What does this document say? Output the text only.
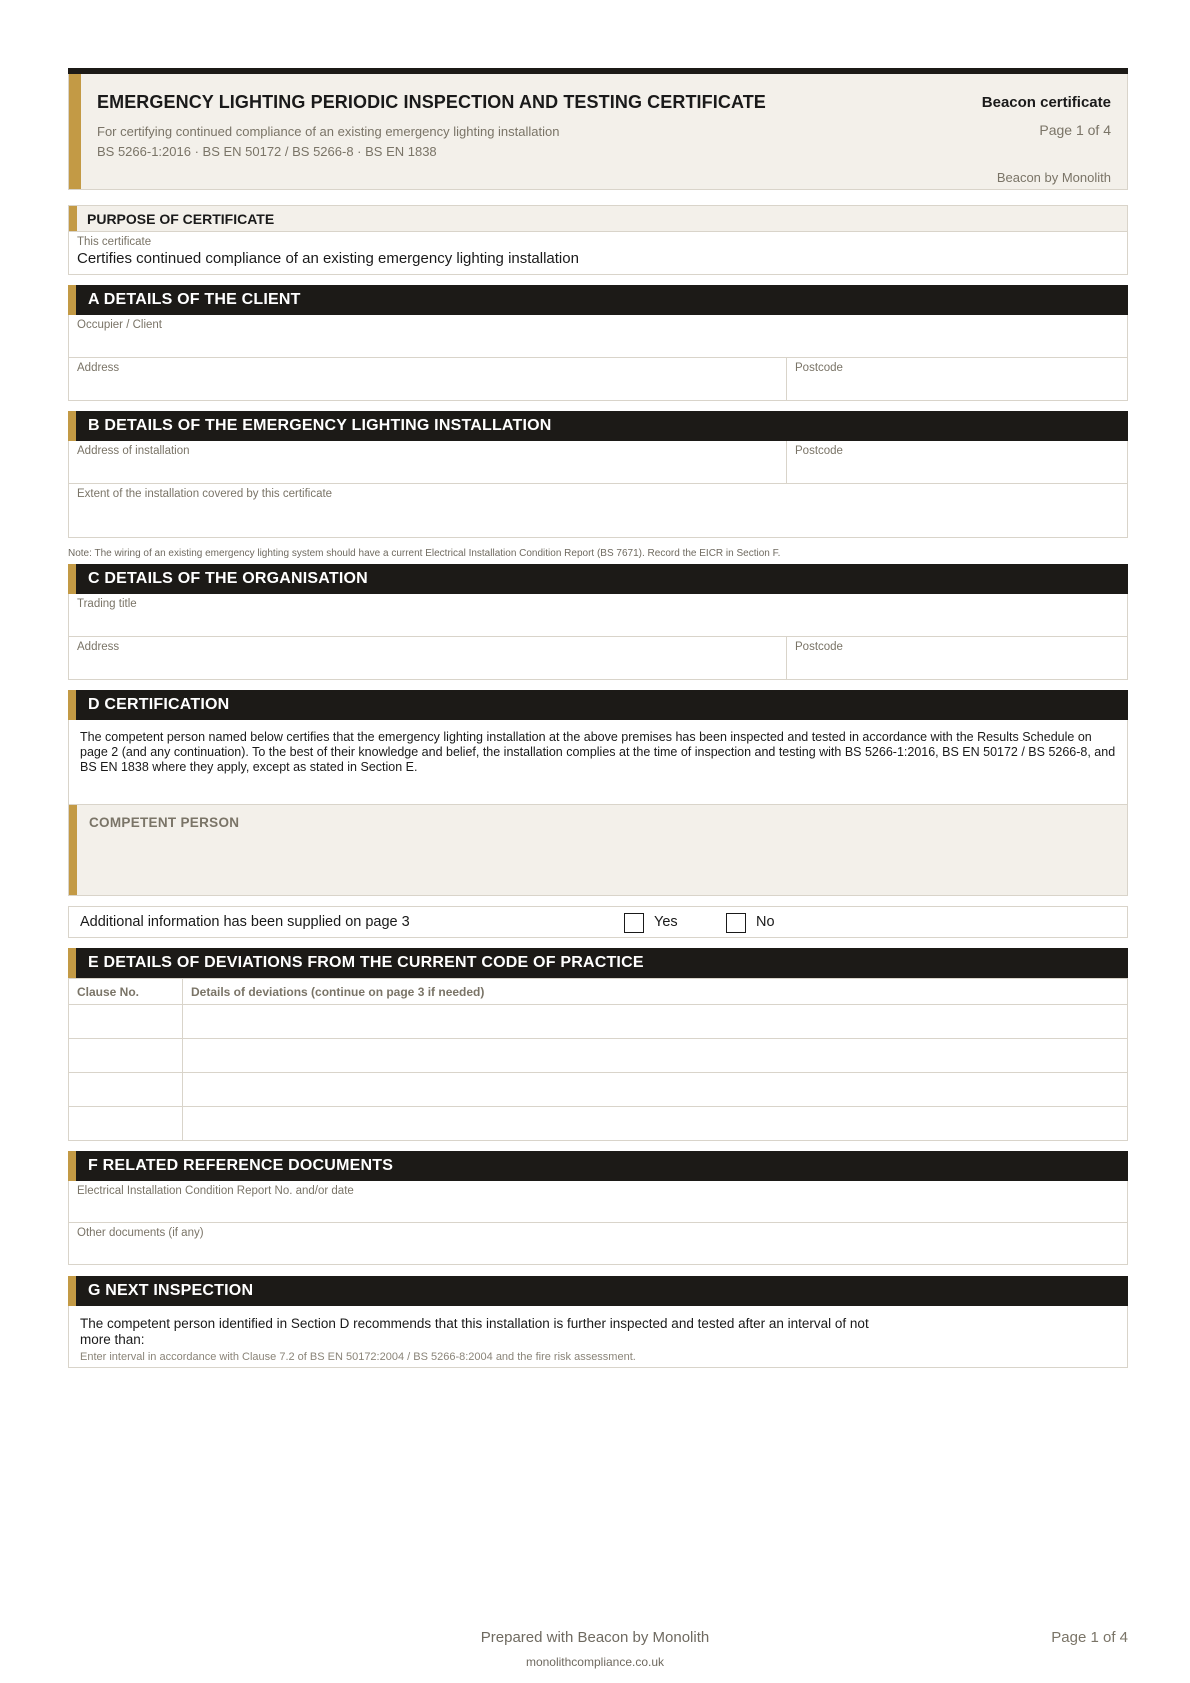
EMERGENCY LIGHTING PERIODIC INSPECTION AND TESTING CERTIFICATE
For certifying continued compliance of an existing emergency lighting installation
BS 5266-1:2016 · BS EN 50172 / BS 5266-8 · BS EN 1838
Beacon certificate
Page 1 of 4
Beacon by Monolith
PURPOSE OF CERTIFICATE
This certificate
Certifies continued compliance of an existing emergency lighting installation
A DETAILS OF THE CLIENT
Occupier / Client
Address	Postcode
B DETAILS OF THE EMERGENCY LIGHTING INSTALLATION
Address of installation	Postcode
Extent of the installation covered by this certificate
Note: The wiring of an existing emergency lighting system should have a current Electrical Installation Condition Report (BS 7671). Record the EICR in Section F.
C DETAILS OF THE ORGANISATION
Trading title
Address	Postcode
D CERTIFICATION
The competent person named below certifies that the emergency lighting installation at the above premises has been inspected and tested in accordance with the Results Schedule on page 2 (and any continuation). To the best of their knowledge and belief, the installation complies at the time of inspection and testing with BS 5266-1:2016, BS EN 50172 / BS 5266-8, and BS EN 1838 where they apply, except as stated in Section E.
COMPETENT PERSON
Additional information has been supplied on page 3	Yes	No
E DETAILS OF DEVIATIONS FROM THE CURRENT CODE OF PRACTICE
Clause No.	Details of deviations (continue on page 3 if needed)

F RELATED REFERENCE DOCUMENTS
Electrical Installation Condition Report No. and/or date
Other documents (if any)
G NEXT INSPECTION
The competent person identified in Section D recommends that this installation is further inspected and tested after an interval of not more than:
Enter interval in accordance with Clause 7.2 of BS EN 50172:2004 / BS 5266-8:2004 and the fire risk assessment.
Prepared with Beacon by Monolith
monolithcompliance.co.uk
Page 1 of 4
